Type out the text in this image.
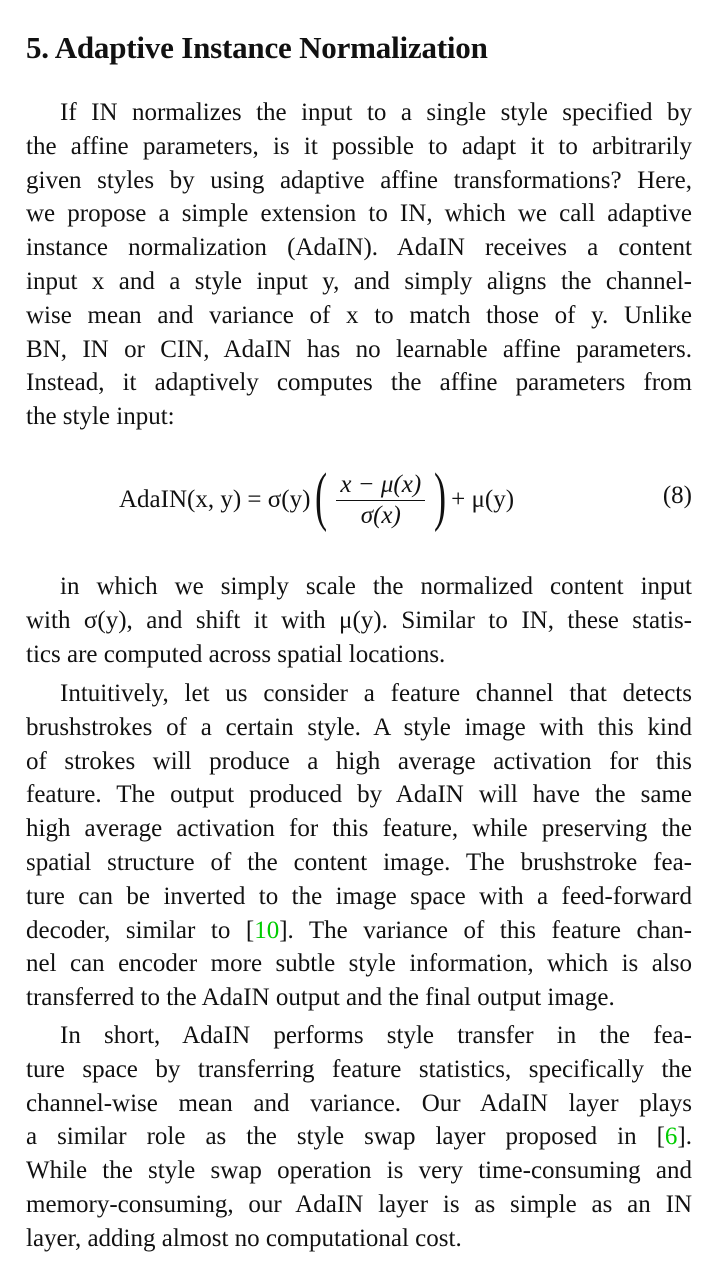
5. Adaptive Instance Normalization
If IN normalizes the input to a single style specified by
the affine parameters, is it possible to adapt it to arbitrarily
given styles by using adaptive affine transformations? Here,
we propose a simple extension to IN, which we call adaptive
instance normalization (AdaIN). AdaIN receives a content
input x and a style input y, and simply aligns the channel-
wise mean and variance of x to match those of y. Unlike
BN, IN or CIN, AdaIN has no learnable affine parameters.
Instead, it adaptively computes the affine parameters from
the style input:
AdaIN(x, y) = σ(y) ( $\frac{x - \mu(x)}{\sigma(x)}$ ) + μ(y)	(8)
in which we simply scale the normalized content input
with σ(y), and shift it with μ(y). Similar to IN, these statis-
tics are computed across spatial locations.
Intuitively, let us consider a feature channel that detects
brushstrokes of a certain style. A style image with this kind
of strokes will produce a high average activation for this
feature. The output produced by AdaIN will have the same
high average activation for this feature, while preserving the
spatial structure of the content image. The brushstroke fea-
ture can be inverted to the image space with a feed-forward
decoder, similar to [10]. The variance of this feature chan-
nel can encoder more subtle style information, which is also
transferred to the AdaIN output and the final output image.
In short, AdaIN performs style transfer in the fea-
ture space by transferring feature statistics, specifically the
channel-wise mean and variance. Our AdaIN layer plays
a similar role as the style swap layer proposed in [6].
While the style swap operation is very time-consuming and
memory-consuming, our AdaIN layer is as simple as an IN
layer, adding almost no computational cost.
